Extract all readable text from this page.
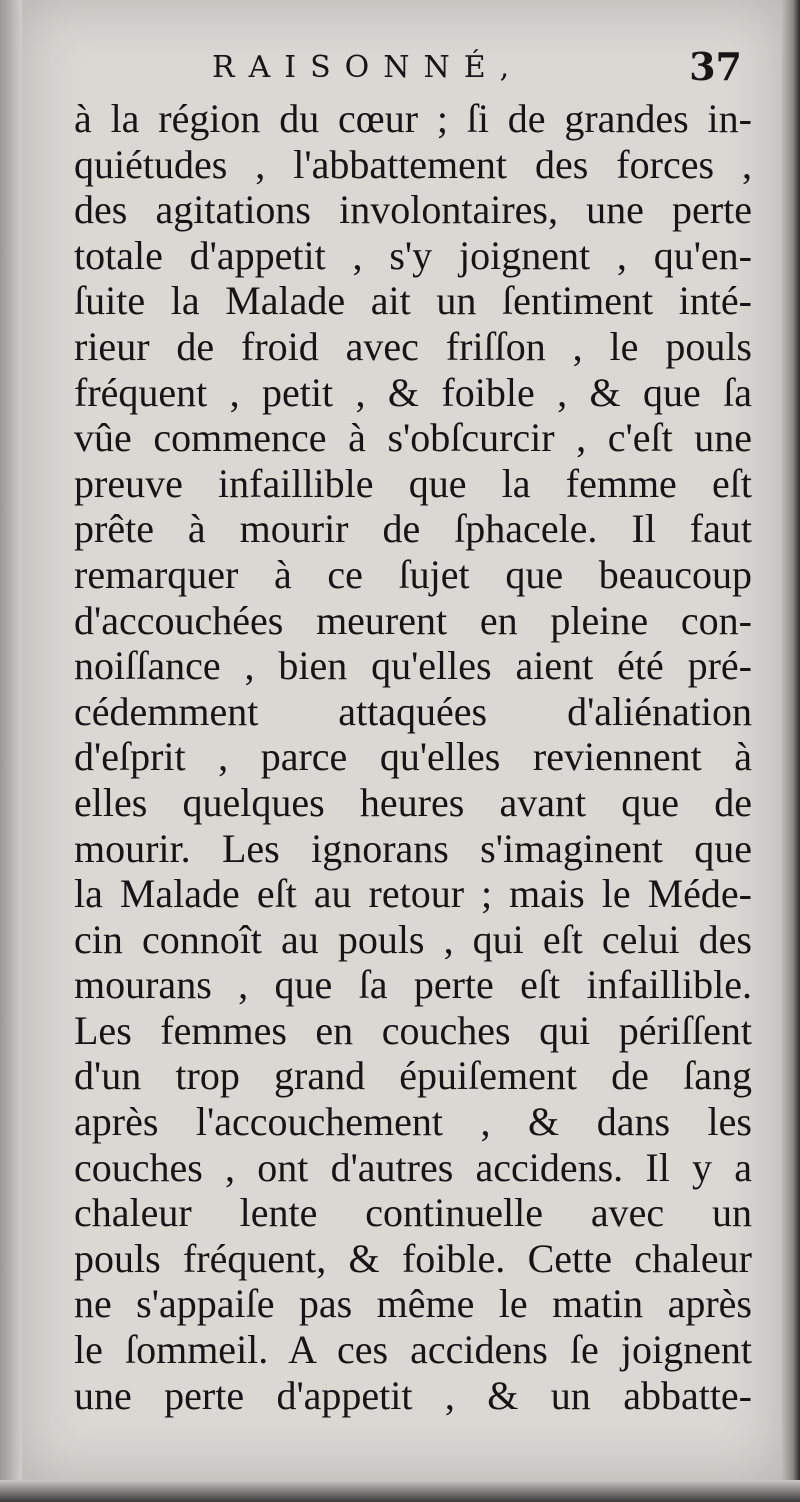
RAISONNÉ,	37
à la région du cœur ; ſi de grandes in-
quiétudes , l'abbattement des forces ,
des agitations involontaires, une perte
totale d'appetit , s'y joignent , qu'en-
ſuite la Malade ait un ſentiment inté-
rieur de froid avec friſſon , le pouls
fréquent , petit , & foible , & que ſa
vûe commence à s'obſcurcir , c'eſt une
preuve infaillible que la femme eſt
prête à mourir de ſphacele. Il faut
remarquer à ce ſujet que beaucoup
d'accouchées meurent en pleine con-
noiſſance , bien qu'elles aient été pré-
cédemment attaquées d'aliénation
d'eſprit , parce qu'elles reviennent à
elles quelques heures avant que de
mourir. Les ignorans s'imaginent que
la Malade eſt au retour ; mais le Méde-
cin connoît au pouls , qui eſt celui des
mourans , que ſa perte eſt infaillible.
Les femmes en couches qui périſſent
d'un trop grand épuiſement de ſang
après l'accouchement , & dans les
couches , ont d'autres accidens. Il y a
chaleur lente continuelle avec un
pouls fréquent, & foible. Cette chaleur
ne s'appaiſe pas même le matin après
le ſommeil. A ces accidens ſe joignent
une perte d'appetit , & un abbatte-
